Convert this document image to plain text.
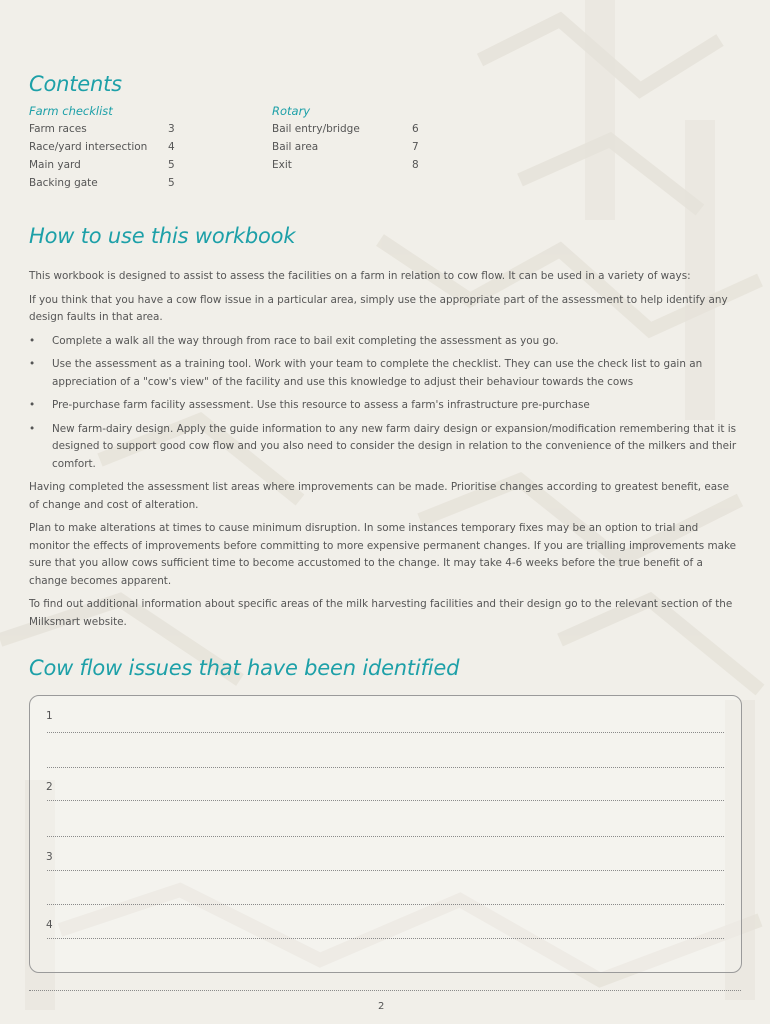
Contents
Farm checklist	Rotary
Farm races	3
Race/yard intersection 4
Main yard	5
Backing gate	5
Bail entry/bridge	6
Bail area	7
Exit	8
How to use this workbook

This workbook is designed to assist to assess the facilities on a farm in relation to cow flow. It can be used in a variety of ways:

If you think that you have a cow flow issue in a particular area, simply use the appropriate part of the assessment to help identify any design faults in that area.

• Complete a walk all the way through from race to bail exit completing the assessment as you go.
• Use the assessment as a training tool. Work with your team to complete the checklist. They can use the check list to gain an appreciation of a "cow's view" of the facility and use this knowledge to adjust their behaviour towards the cows
• Pre-purchase farm facility assessment. Use this resource to assess a farm's infrastructure pre-purchase
• New farm-dairy design. Apply the guide information to any new farm dairy design or expansion/modification remembering that it is designed to support good cow flow and you also need to consider the design in relation to the convenience of the milkers and their comfort.

Having completed the assessment list areas where improvements can be made. Prioritise changes according to greatest benefit, ease of change and cost of alteration.

Plan to make alterations at times to cause minimum disruption. In some instances temporary fixes may be an option to trial and monitor the effects of improvements before committing to more expensive permanent changes. If you are trialling improvements make sure that you allow cows sufficient time to become accustomed to the change. It may take 4-6 weeks before the true benefit of a change becomes apparent.

To find out additional information about specific areas of the milk harvesting facilities and their design go to the relevant section of the Milksmart website.

Cow flow issues that have been identified
1
2
3
4
2
